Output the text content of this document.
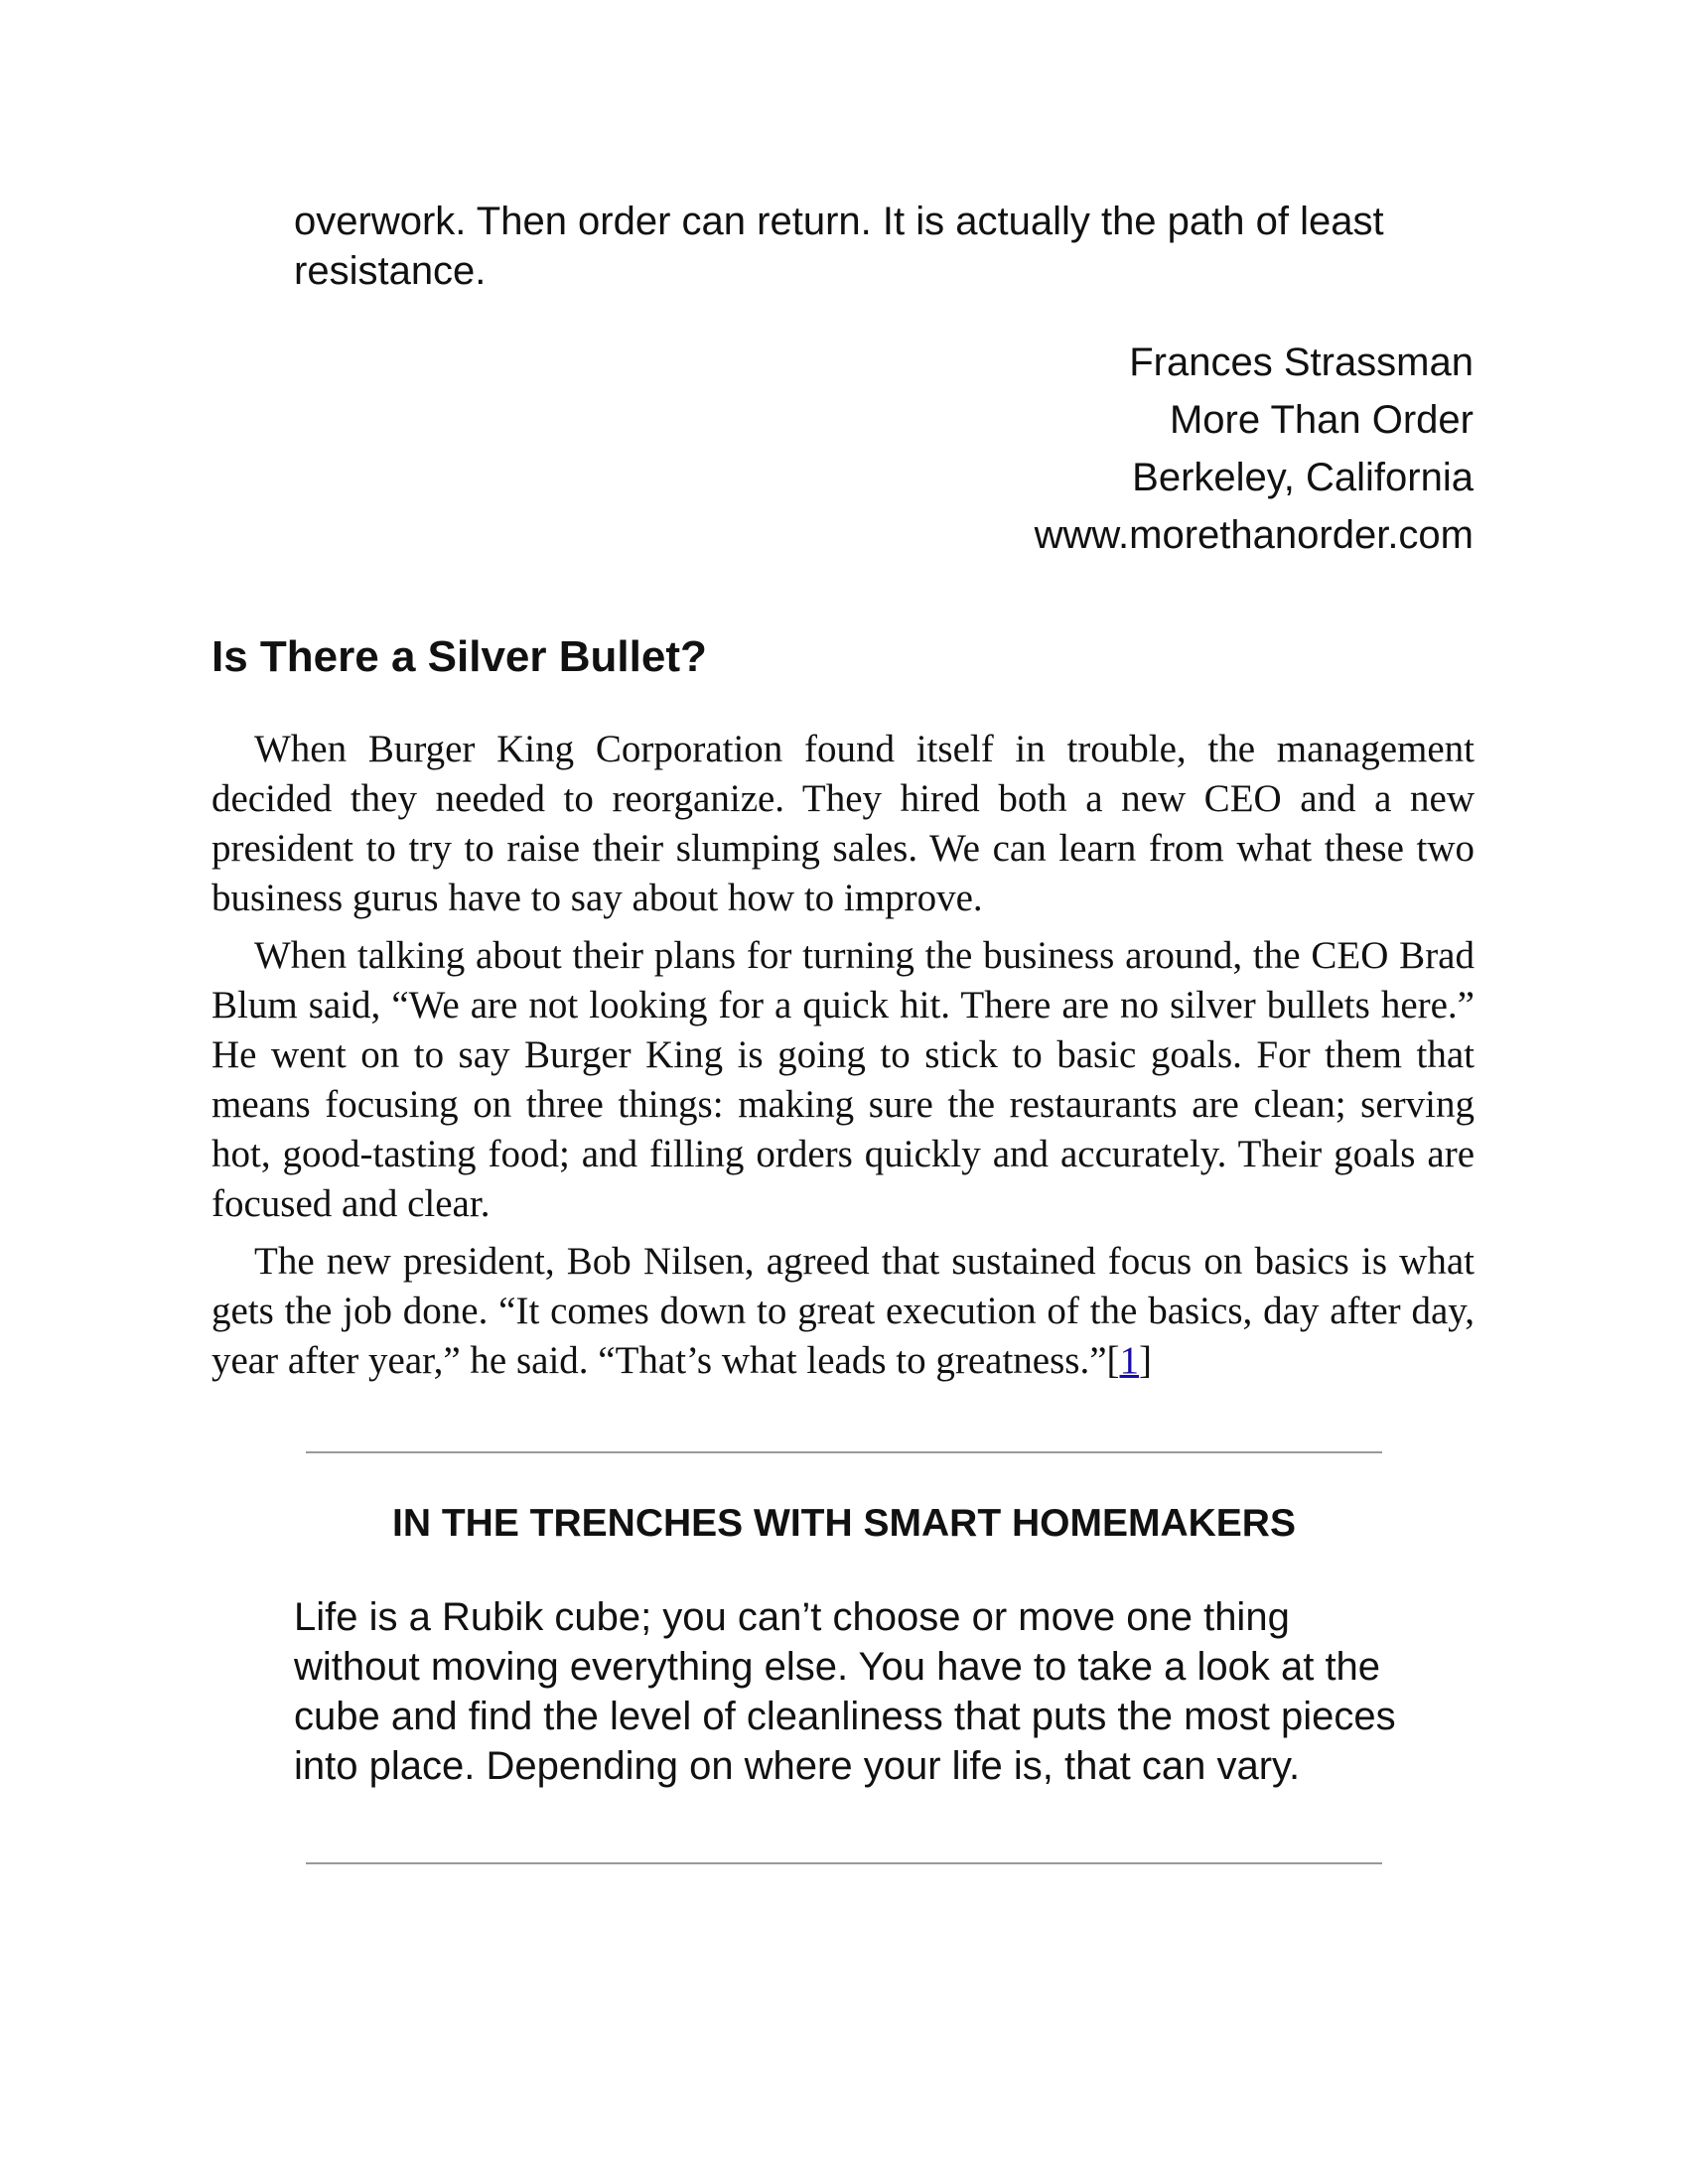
overwork. Then order can return. It is actually the path of least resistance.

Frances Strassman
More Than Order
Berkeley, California
www.morethanorder.com
Is There a Silver Bullet?

When Burger King Corporation found itself in trouble, the management decided they needed to reorganize. They hired both a new CEO and a new president to try to raise their slumping sales. We can learn from what these two business gurus have to say about how to improve.

When talking about their plans for turning the business around, the CEO Brad Blum said, “We are not looking for a quick hit. There are no silver bullets here.” He went on to say Burger King is going to stick to basic goals. For them that means focusing on three things: making sure the restaurants are clean; serving hot, good-tasting food; and filling orders quickly and accurately. Their goals are focused and clear.

The new president, Bob Nilsen, agreed that sustained focus on basics is what gets the job done. “It comes down to great execution of the basics, day after day, year after year,” he said. “That’s what leads to greatness.”[1]

IN THE TRENCHES WITH SMART HOMEMAKERS

Life is a Rubik cube; you can’t choose or move one thing without moving everything else. You have to take a look at the cube and find the level of cleanliness that puts the most pieces into place. Depending on where your life is, that can vary.
